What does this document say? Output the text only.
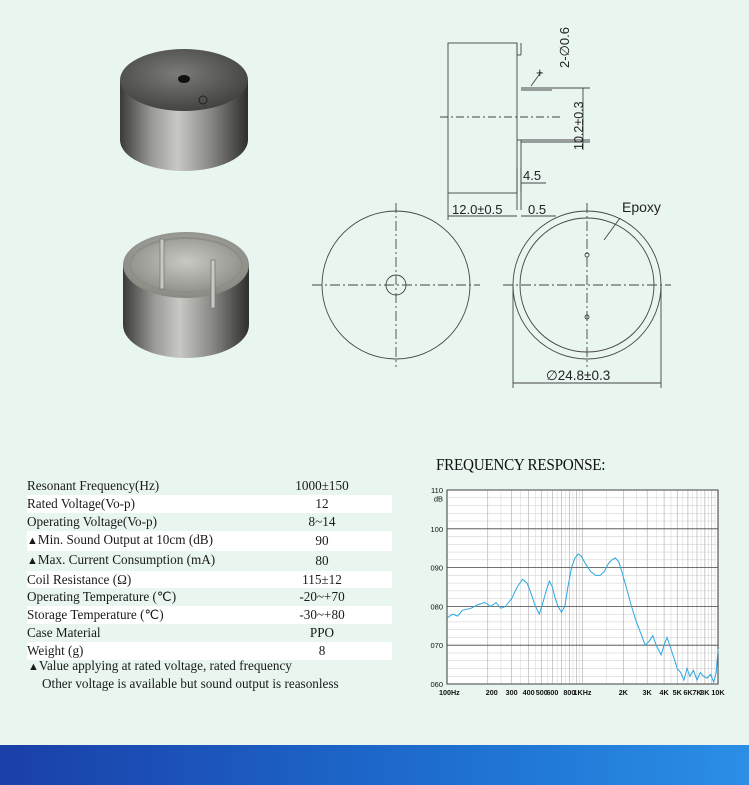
2-∅0.6
+
10.2±0.3
4.5
12.0±0.5 0.5	Epoxy
∅24.8±0.3
Resonant Frequency(Hz)	1000±150
Rated Voltage(Vo-p)	12
Operating Voltage(Vo-p)	8~14
▲Min. Sound Output at 10cm (dB)	90
▲Max. Current Consumption (mA)	80
Coil Resistance (Ω)	115±12
Operating Temperature (℃)	-20~+70
Storage Temperature (℃)	-30~+80
Case Material	PPO
Weight (g)	8
▲Value applying at rated voltage, rated frequency
Other voltage is available but sound output is reasonless
FREQUENCY RESPONSE:
060
070
080
090
100
110
dB
100Hz	200 300 400 500
600 800
1KHz	2K 3K 4K 5K 6K 7K
8K 10K
